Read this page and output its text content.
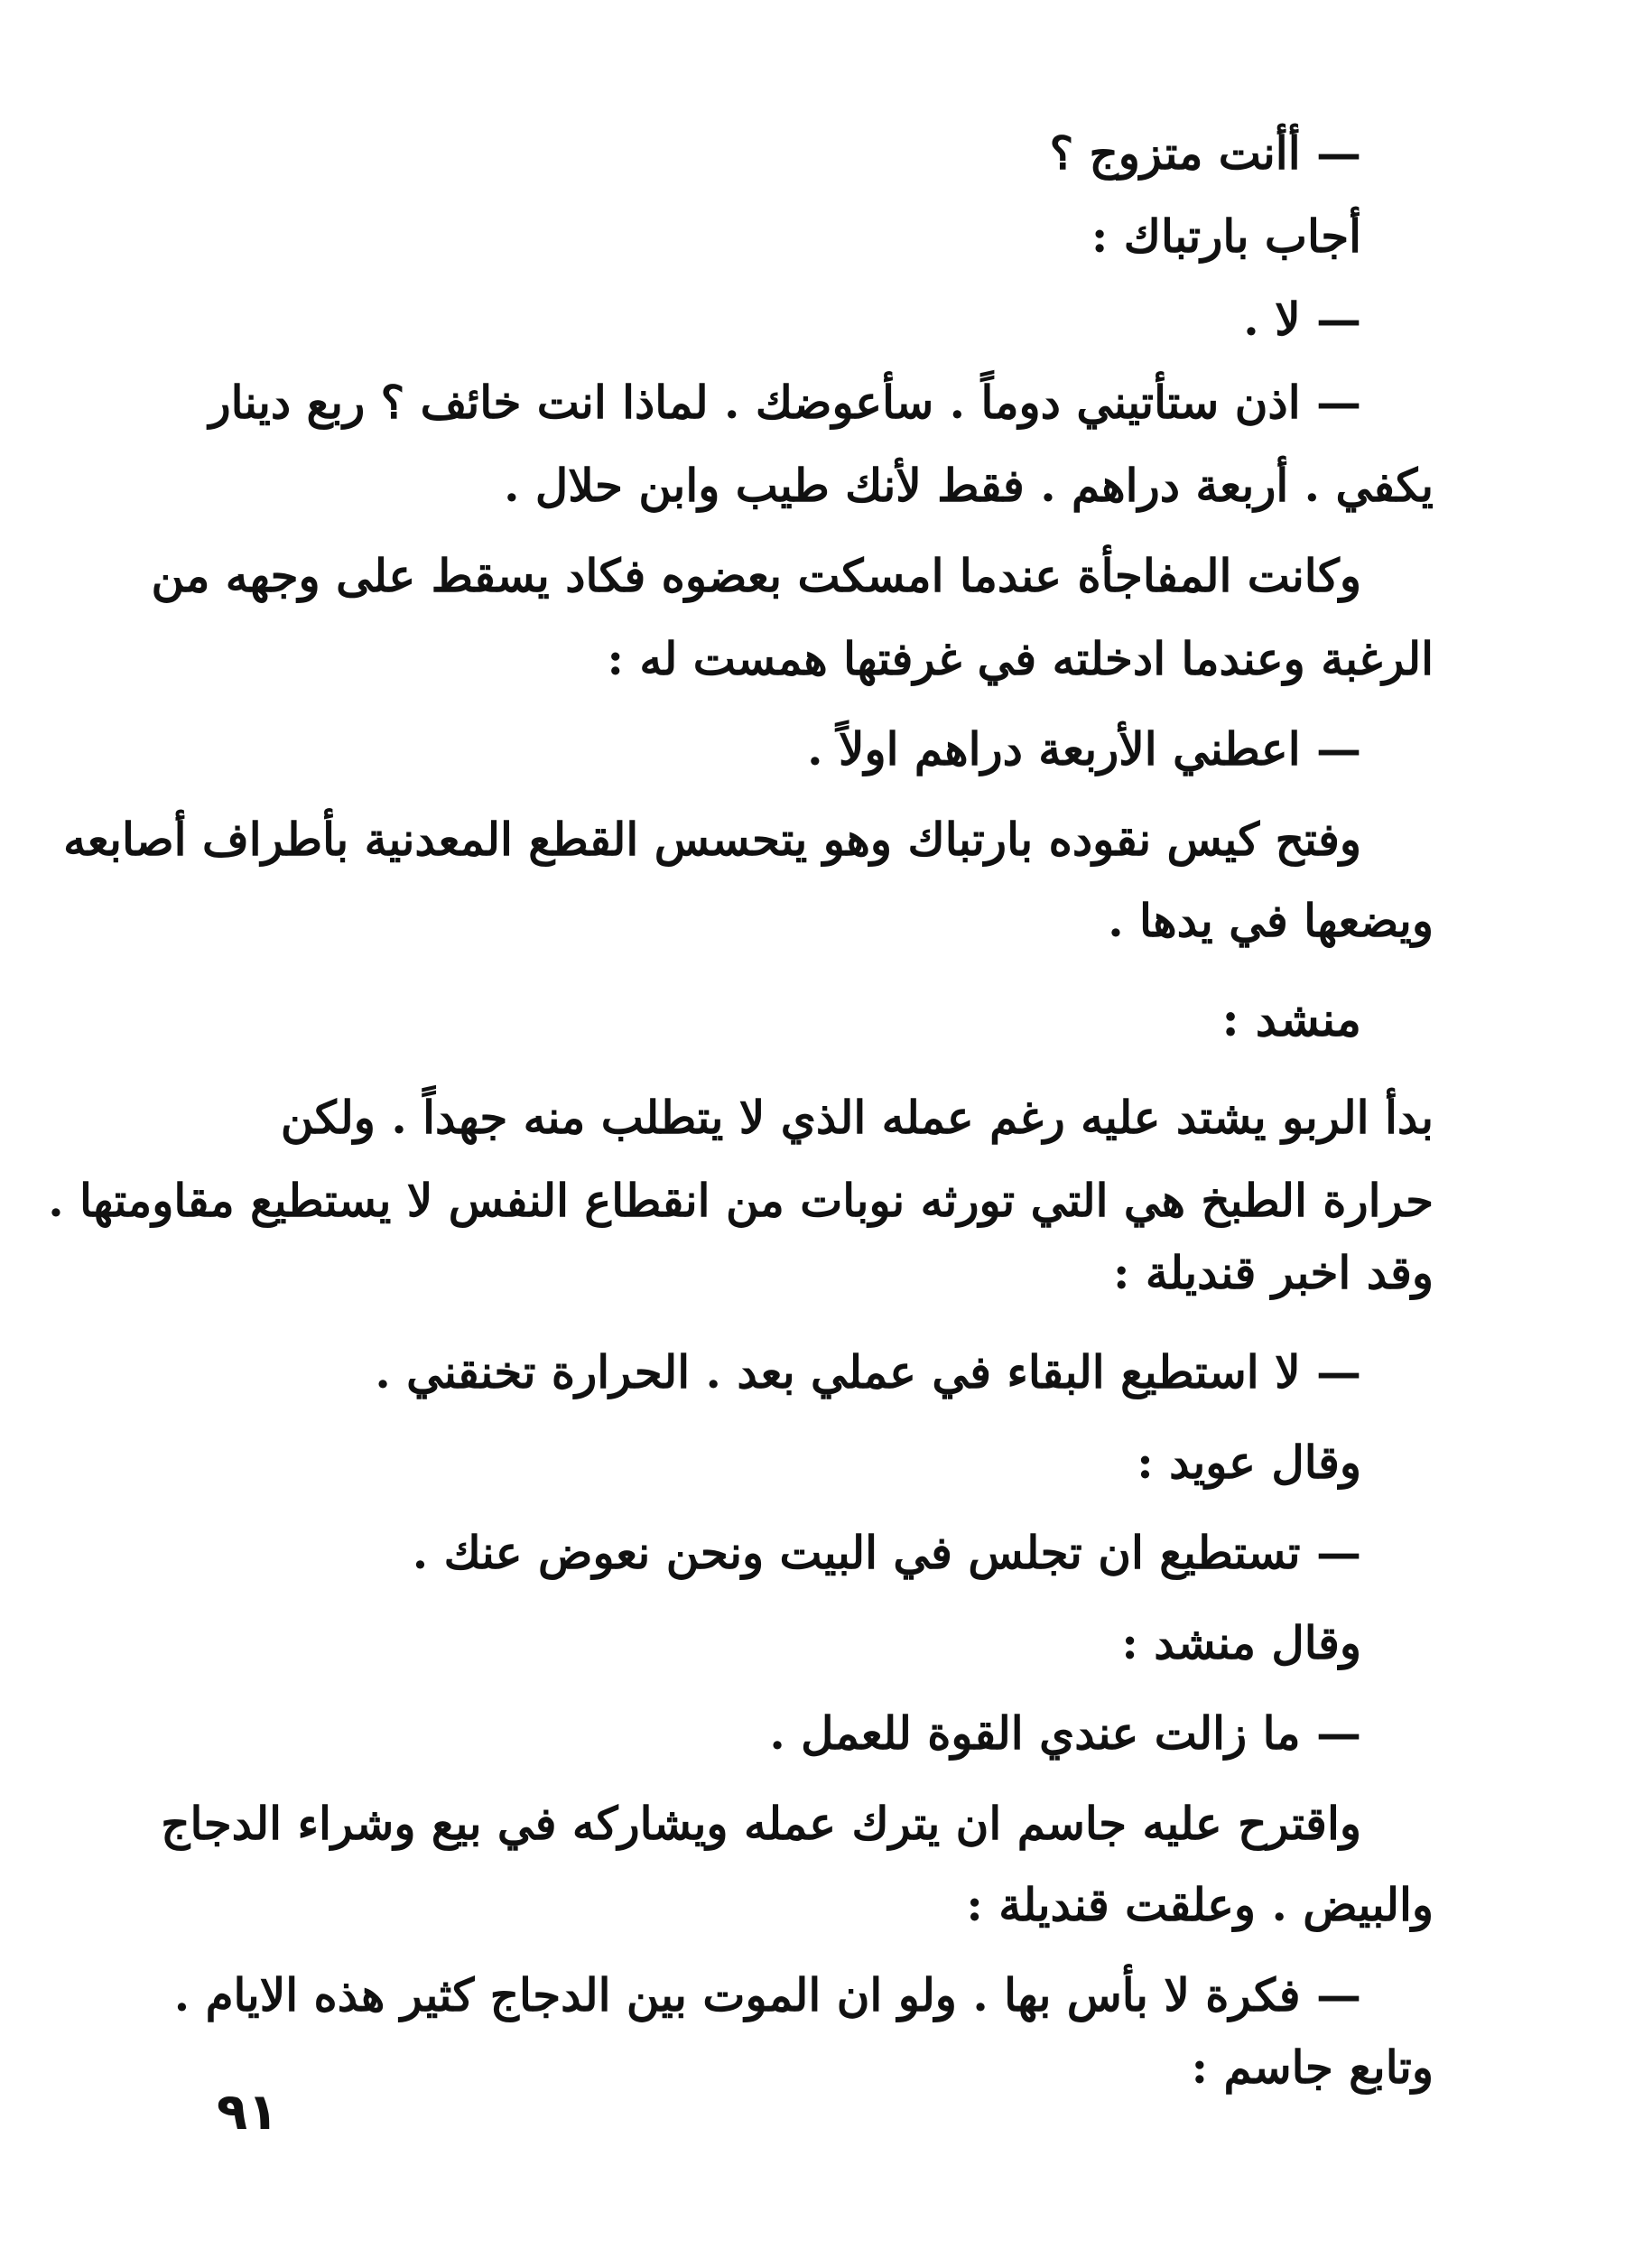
— أأنت متزوج ؟
أجاب بارتباك :
— لا .
— اذن ستأتيني دوماً . سأعوضك . لماذا انت خائف ؟ ربع دينار
يكفي . أربعة دراهم . فقط لأنك طيب وابن حلال .
وكانت المفاجأة عندما امسكت بعضوه فكاد يسقط على وجهه من
الرغبة وعندما ادخلته في غرفتها همست له :
— اعطني الأربعة دراهم اولاً .
وفتح كيس نقوده بارتباك وهو يتحسس القطع المعدنية بأطراف أصابعه
ويضعها في يدها .
منشد :
بدأ الربو يشتد عليه رغم عمله الذي لا يتطلب منه جهداً . ولكن
حرارة الطبخ هي التي تورثه نوبات من انقطاع النفس لا يستطيع مقاومتها .
وقد اخبر قنديلة :
— لا استطيع البقاء في عملي بعد . الحرارة تخنقني .
وقال عويد :
— تستطيع ان تجلس في البيت ونحن نعوض عنك .
وقال منشد :
— ما زالت عندي القوة للعمل .
واقترح عليه جاسم ان يترك عمله ويشاركه في بيع وشراء الدجاج
والبيض . وعلقت قنديلة :
— فكرة لا بأس بها . ولو ان الموت بين الدجاج كثير هذه الايام .
وتابع جاسم :
٩١
